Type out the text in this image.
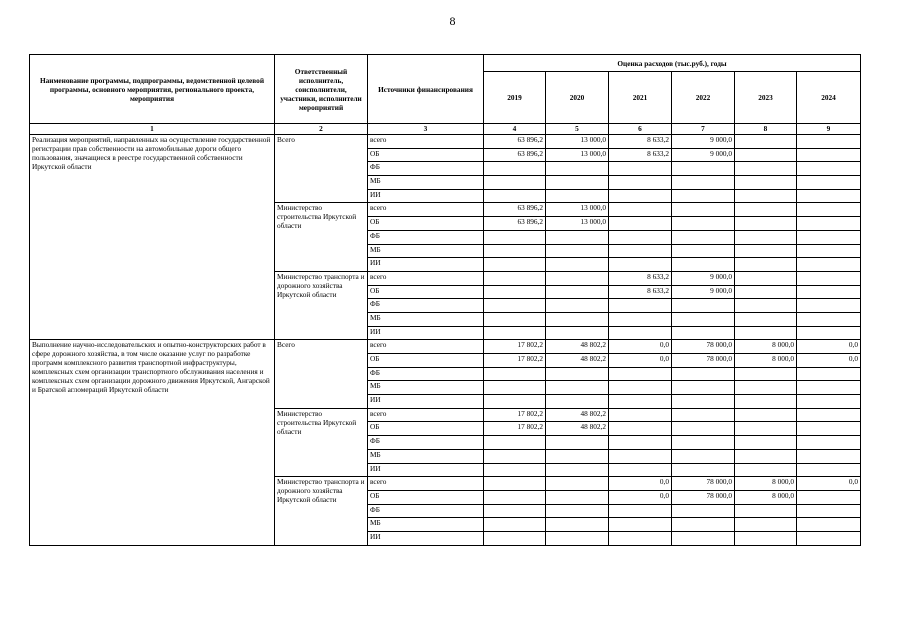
8
Наименование программы, подпрограммы, ведомственной целевой программы, основного мероприятия, регионального проекта, мероприятия	Ответственный исполнитель, соисполнители, участники, исполнители мероприятий	Источники финансирования	Оценка расходов (тыс.руб.), годы					
			2019	2020	2021	2022	2023	2024
1	2	3	4	5	6	7	8	9
Реализация мероприятий, направленных на осуществление государственной регистрации прав собственности на автомобильные дороги общего пользования, значащиеся в реестре государственной собственности Иркутской области	Всего	всего	63 896,2	13 000,0	8 633,2	9 000,0		
		ОБ	63 896,2	13 000,0	8 633,2	9 000,0		
		ФБ						
		МБ						
		ИИ						
	Министерство строительства Иркутской области	всего	63 896,2	13 000,0				
		ОБ	63 896,2	13 000,0				
		ФБ						
		МБ						
		ИИ						
	Министерство транспорта и дорожного хозяйства Иркутской области	всего			8 633,2	9 000,0		
		ОБ			8 633,2	9 000,0		
		ФБ						
		МБ						
		ИИ						
Выполнение научно-исследовательских и опытно-конструкторских работ в сфере дорожного хозяйства, в том числе оказание услуг по разработке программ комплексного развития транспортной инфраструктуры, комплексных схем организации транспортного обслуживания населения и комплексных схем организации дорожного движения Иркутской, Ангарской и Братской агломераций Иркутской области	Всего	всего	17 802,2	48 802,2	0,0	78 000,0	8 000,0	0,0
		ОБ	17 802,2	48 802,2	0,0	78 000,0	8 000,0	0,0
		ФБ						
		МБ						
		ИИ						
	Министерство строительства Иркутской области	всего	17 802,2	48 802,2				
		ОБ	17 802,2	48 802,2				
		ФБ						
		МБ						
		ИИ						
	Министерство транспорта и дорожного хозяйства Иркутской области	всего			0,0	78 000,0	8 000,0	0,0
		ОБ			0,0	78 000,0	8 000,0	
		ФБ						
		МБ						
		ИИ						
